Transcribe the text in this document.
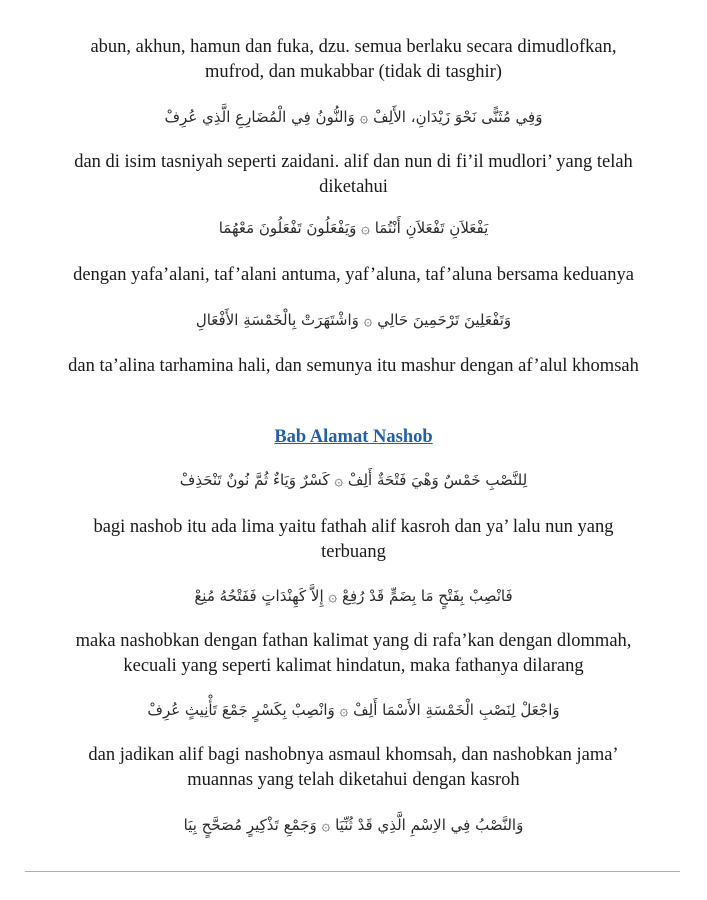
abun, akhun, hamun dan fuka, dzu. semua berlaku secara dimudlofkan,
mufrod, dan mukabbar (tidak di tasghir)
وَفِي مُثَنًّى نَحْوَ زَيْدَانِ، الأَلِفْ ۞ وَالنُّونُ فِي الْمُضَارِعِ الَّذِي عُرِفْ
dan di isim tasniyah seperti zaidani. alif dan nun di fi’il mudlori’ yang telah
diketahui
يَفْعَلاَنِ تَفْعَلاَنِ أَنْتُمَا ۞ وَيَفْعَلُونَ تَفْعَلُونَ مَعْهُمَا
dengan yafa’alani, taf’alani antuma, yaf’aluna, taf’aluna bersama keduanya
وَتَفْعَلِينَ تَرْحَمِينَ حَالِي ۞ وَاشْتَهَرَتْ بِالْخَمْسَةِ الأَفْعَالِ
dan ta’alina tarhamina hali, dan semunya itu mashur dengan af’alul khomsah
Bab Alamat Nashob
لِلنَّصْبِ خَمْسٌ وَهْيَ فَتْحَةٌ أَلِفْ ۞ كَسْرٌ وَيَاءٌ ثُمَّ نُونٌ تَنْحَذِفْ
bagi nashob itu ada lima yaitu fathah alif kasroh dan ya’ lalu nun yang
terbuang
فَانْصِبْ بِفَتْحٍ مَا بِضَمٍّ قَدْ رُفِعْ ۞ إِلاَّ كَهِنْدَاتٍ فَفَتْحُهُ مُنِعْ
maka nashobkan dengan fathan kalimat yang di rafa’kan dengan dlommah,
kecuali yang seperti kalimat hindatun, maka fathanya dilarang
وَاجْعَلْ لِنَصْبِ الْخَمْسَةِ الأَسْمَا أَلِفْ ۞ وَانْصِبْ بِكَسْرٍ جَمْعَ تَأْنِيثٍ عُرِفْ
dan jadikan alif bagi nashobnya asmaul khomsah, dan nashobkan jama’
muannas yang telah diketahui dengan kasroh
وَالنَّصْبُ فِي الاِسْمِ الَّذِي قَدْ ثُنِّيَا ۞ وَجَمْعِ تَذْكِيرٍ مُصَحَّحٍ بِيَا
